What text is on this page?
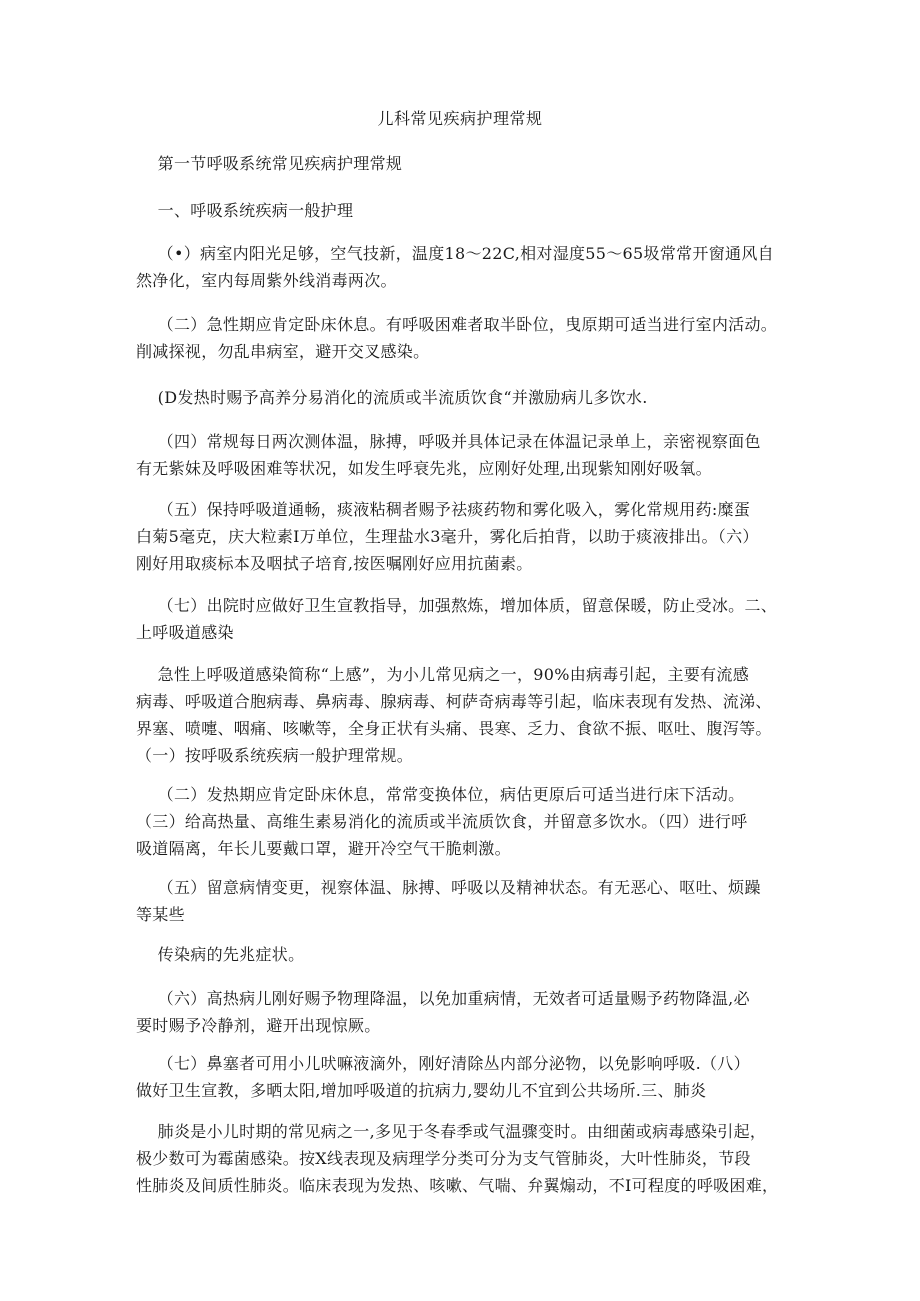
儿科常见疾病护理常规

　 第一节呼吸系统常见疾病护理常规

　 一、呼吸系统疾病一般护理

　 （•）病室内阳光足够，空气技新，温度18～22C,相对湿度55～65圾常常开窗通风自
然净化，室内每周紫外线消毒两次。

　 （二）急性期应肯定卧床休息。有呼吸困难者取半卧位，曳原期可适当进行室内活动。
削减探视，勿乱串病室，避开交叉感染。

　 (D发热时赐予高养分易消化的流质或半流质饮食“并激励病儿多饮水.

　 （四）常规每日两次测体温，脉搏，呼吸并具体记录在体温记录单上，亲密视察面色
有无紫妹及呼吸困难等状况，如发生呼衰先兆，应刚好处理,出现紫知刚好吸氧。

　 （五）保持呼吸道通畅，痰液粘稠者赐予祛痰药物和雾化吸入，雾化常规用药:糜蛋
白菊5毫克，庆大粒素I万单位，生理盐水3毫升，雾化后拍背，以助于痰液排出。（六）
刚好用取痰标本及咽拭子培育,按医嘱刚好应用抗菌素。

　 （七）出院时应做好卫生宣教指导，加强熬炼，增加体质，留意保暖，防止受冰。二、
上呼吸道感染

　 急性上呼吸道感染简称“上感”，为小儿常见病之一，90%由病毒引起，主要有流感
病毒、呼吸道合胞病毒、鼻病毒、腺病毒、柯萨奇病毒等引起，临床表现有发热、流涕、
界塞、喷嚏、咽痛、咳嗽等，全身正状有头痛、畏寒、乏力、食欲不振、呕吐、腹泻等。
（一）按呼吸系统疾病一般护理常规。

　 （二）发热期应肯定卧床休息，常常变换体位，病估更原后可适当进行床下活动。
（三）给高热量、高维生素易消化的流质或半流质饮食，并留意多饮水。（四）进行呼
吸道隔离，年长儿要戴口罩，避开冷空气干脆刺激。

　 （五）留意病情变更，视察体温、脉搏、呼吸以及精神状态。有无恶心、呕吐、烦躁
等某些

　 传染病的先兆症状。

　 （六）高热病儿刚好赐予物理降温，以免加重病情，无效者可适量赐予药物降温,必
要时赐予冷静剂，避开出现惊厥。

　 （七）鼻塞者可用小儿吠嘛液滴外，刚好清除丛内部分泌物，以免影响呼吸.（八）
做好卫生宣教，多晒太阳,增加呼吸道的抗病力,婴幼儿不宜到公共场所.三、肺炎

　 肺炎是小儿时期的常见病之一,多见于冬春季或气温骤变时。由细菌或病毒感染引起，
极少数可为霉菌感染。按X线表现及病理学分类可分为支气管肺炎，大叶性肺炎，节段
性肺炎及间质性肺炎。临床表现为发热、咳嗽、气喘、弁翼煽动，不I可程度的呼吸困难，
